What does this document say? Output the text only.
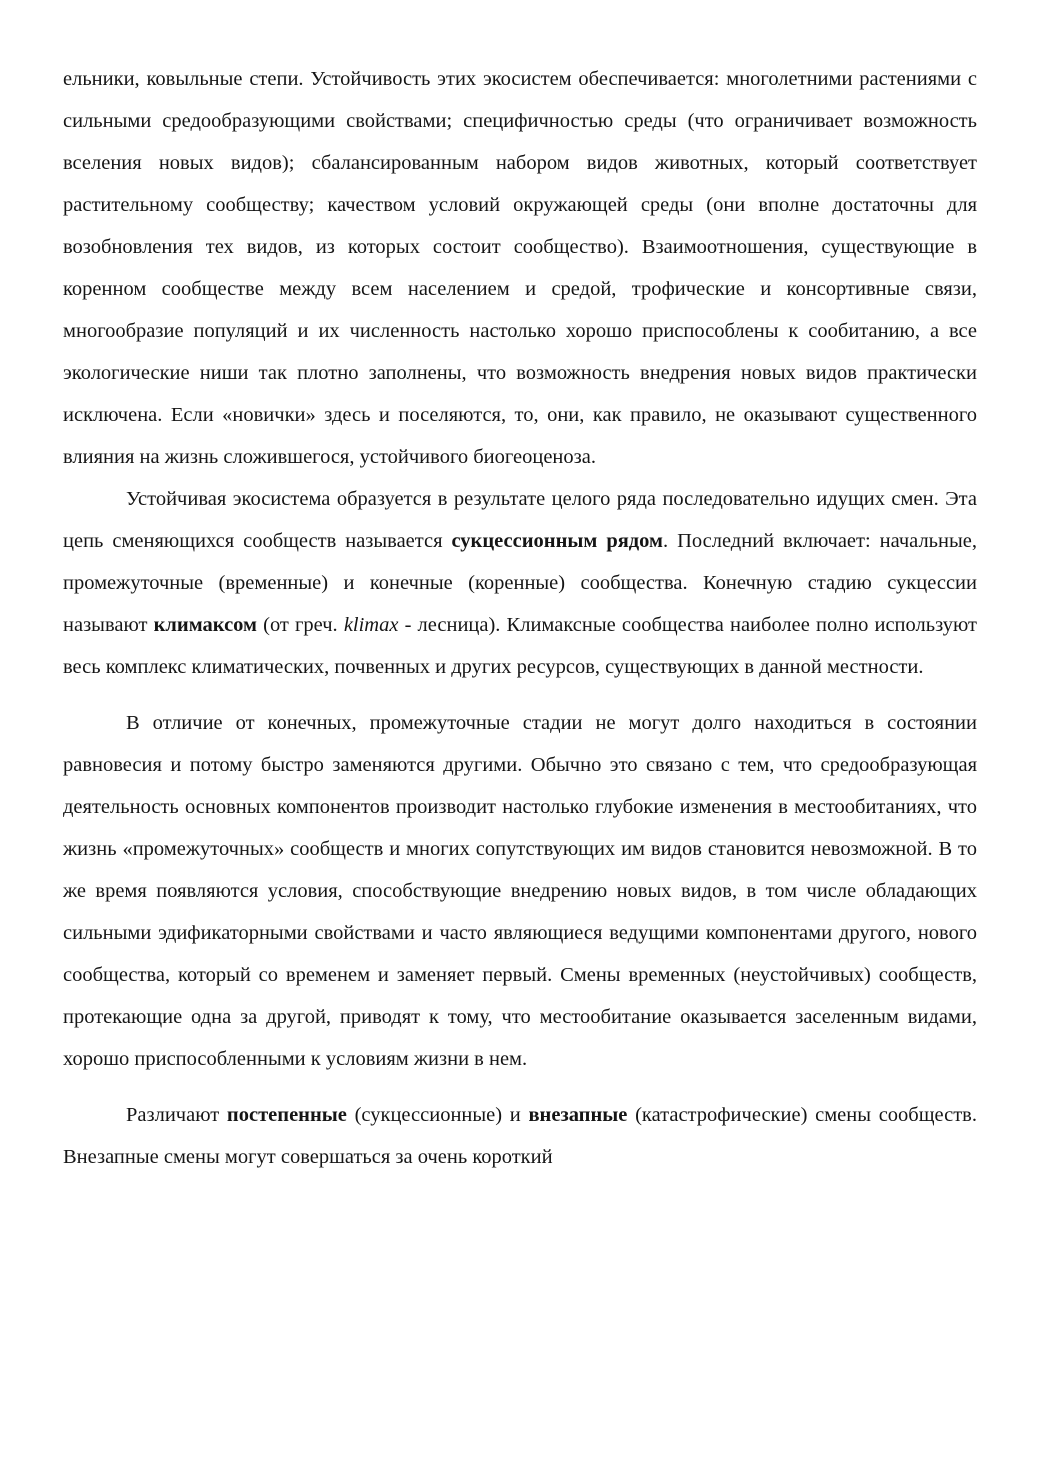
ельники, ковыльные степи. Устойчивость этих экосистем обеспечивается: многолетними растениями с сильными средообразующими свойствами; специфичностью среды (что ограничивает возможность вселения новых видов); сбалансированным набором видов животных, который соответствует растительному сообществу; качеством условий окружающей среды (они вполне достаточны для возобновления тех видов, из которых состоит сообщество). Взаимоотношения, существующие в коренном сообществе между всем населением и средой, трофические и консортивные связи, многообразие популяций и их численность настолько хорошо приспособлены к сообитанию, а все экологические ниши так плотно заполнены, что возможность внедрения новых видов практически исключена. Если «новички» здесь и поселяются, то, они, как правило, не оказывают существенного влияния на жизнь сложившегося, устойчивого биогеоценоза.

Устойчивая экосистема образуется в результате целого ряда последовательно идущих смен. Эта цепь сменяющихся сообществ называется сукцессионным рядом. Последний включает: начальные, промежуточные (временные) и конечные (коренные) сообщества. Конечную стадию сукцессии называют климаксом (от греч. klimax - лесница). Климаксные сообщества наиболее полно используют весь комплекс климатических, почвенных и других ресурсов, существующих в данной местности.

В отличие от конечных, промежуточные стадии не могут долго находиться в состоянии равновесия и потому быстро заменяются другими. Обычно это связано с тем, что средообразующая деятельность основных компонентов производит настолько глубокие изменения в местообитаниях, что жизнь «промежуточных» сообществ и многих сопутствующих им видов становится невозможной. В то же время появляются условия, способствующие внедрению новых видов, в том числе обладающих сильными эдификаторными свойствами и часто являющиеся ведущими компонентами другого, нового сообщества, который со временем и заменяет первый. Смены временных (неустойчивых) сообществ, протекающие одна за другой, приводят к тому, что местообитание оказывается заселенным видами, хорошо приспособленными к условиям жизни в нем.

Различают постепенные (сукцессионные) и внезапные (катастрофические) смены сообществ. Внезапные смены могут совершаться за очень короткий
